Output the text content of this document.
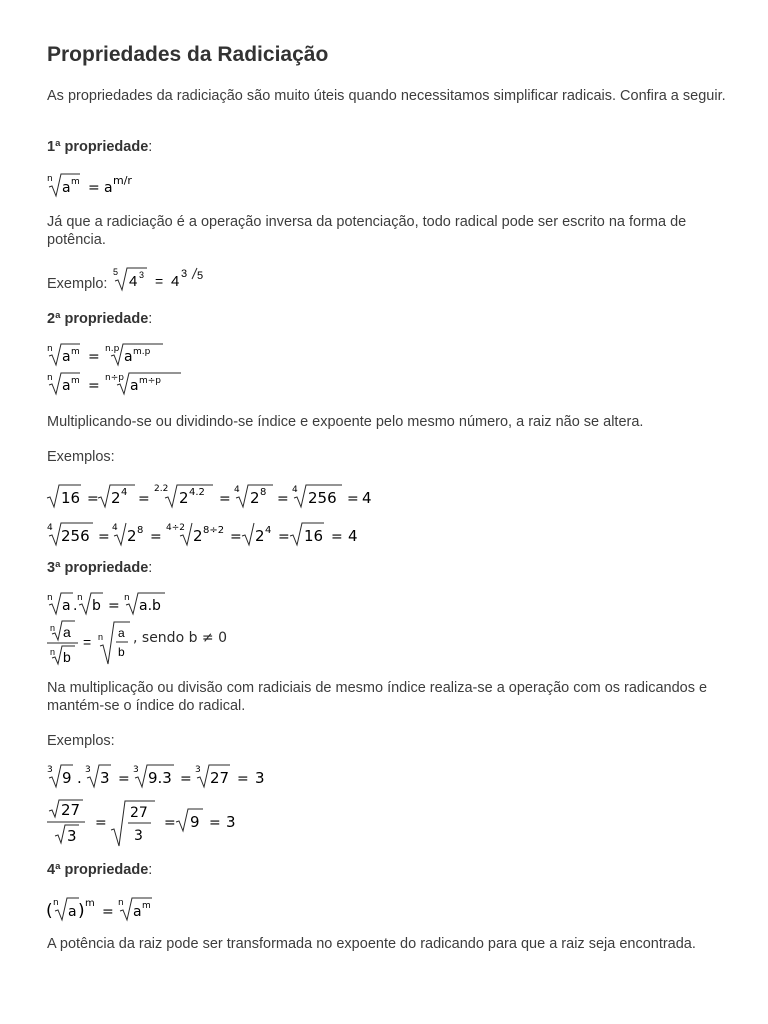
Propriedades da Radiciação

As propriedades da radiciação são muito úteis quando necessitamos simplificar radicais. Confira a seguir.

1ª propriedade:
n
a m = a m/r

Já que a radiciação é a operação inversa da potenciação, todo radical pode ser escrito na forma de potência.

Exemplo:
5
4 3 = 4 3 5
2ª propriedade:
n a m = n.p a m.p
n a m = n÷p a m÷p

Multiplicando-se ou dividindo-se índice e expoente pelo mesmo número, a raiz não se altera.

Exemplos:

16 = 2 4 =
2.2 2 4.2 =
4 2 8 =
4 256 = 4
4 256 =
4 2 8 =
4÷2 2 8÷2 = 2 4 = 16 = 4
3ª propriedade:
n a . n b = n a.b
n a
n b
= n a
b
, sendo b ≠ 0

Na multiplicação ou divisão com radiciais de mesmo índice realiza-se a operação com os radicandos e mantém-se o índice do radical.

Exemplos:

3 9 . 3 3 =
3 9.3 =
3 27 = 3
27
3
=
27
3
= 9 = 3
4ª propriedade:
( n
a ) m
=
n
a m

A potência da raiz pode ser transformada no expoente do radicando para que a raiz seja encontrada.
